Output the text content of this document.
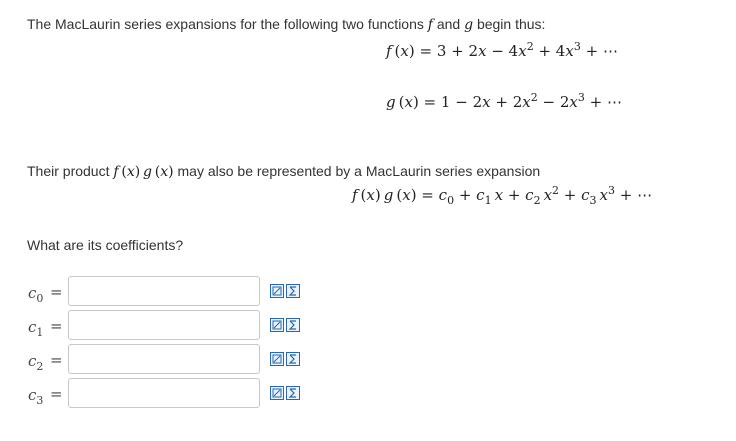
The MacLaurin series expansions for the following two functions f and g begin thus:
f $(x) = 3 + 2x - 4x^2 + 4x^3$ + ⋯
g $(x) = 1 - 2x + 2x^2 - 2x^3$ + ⋯
Their product f (x) g (x) may also be represented by a MacLaurin series expansion
f (x) g $(x) = c_0 + c_1$  $x + c_2$  $x^2 + c_3$  $x^3$ + ⋯
What are its coefficients?
$c_0$ =
$c_1$ =
$c_2$ =
$c_3$ =
